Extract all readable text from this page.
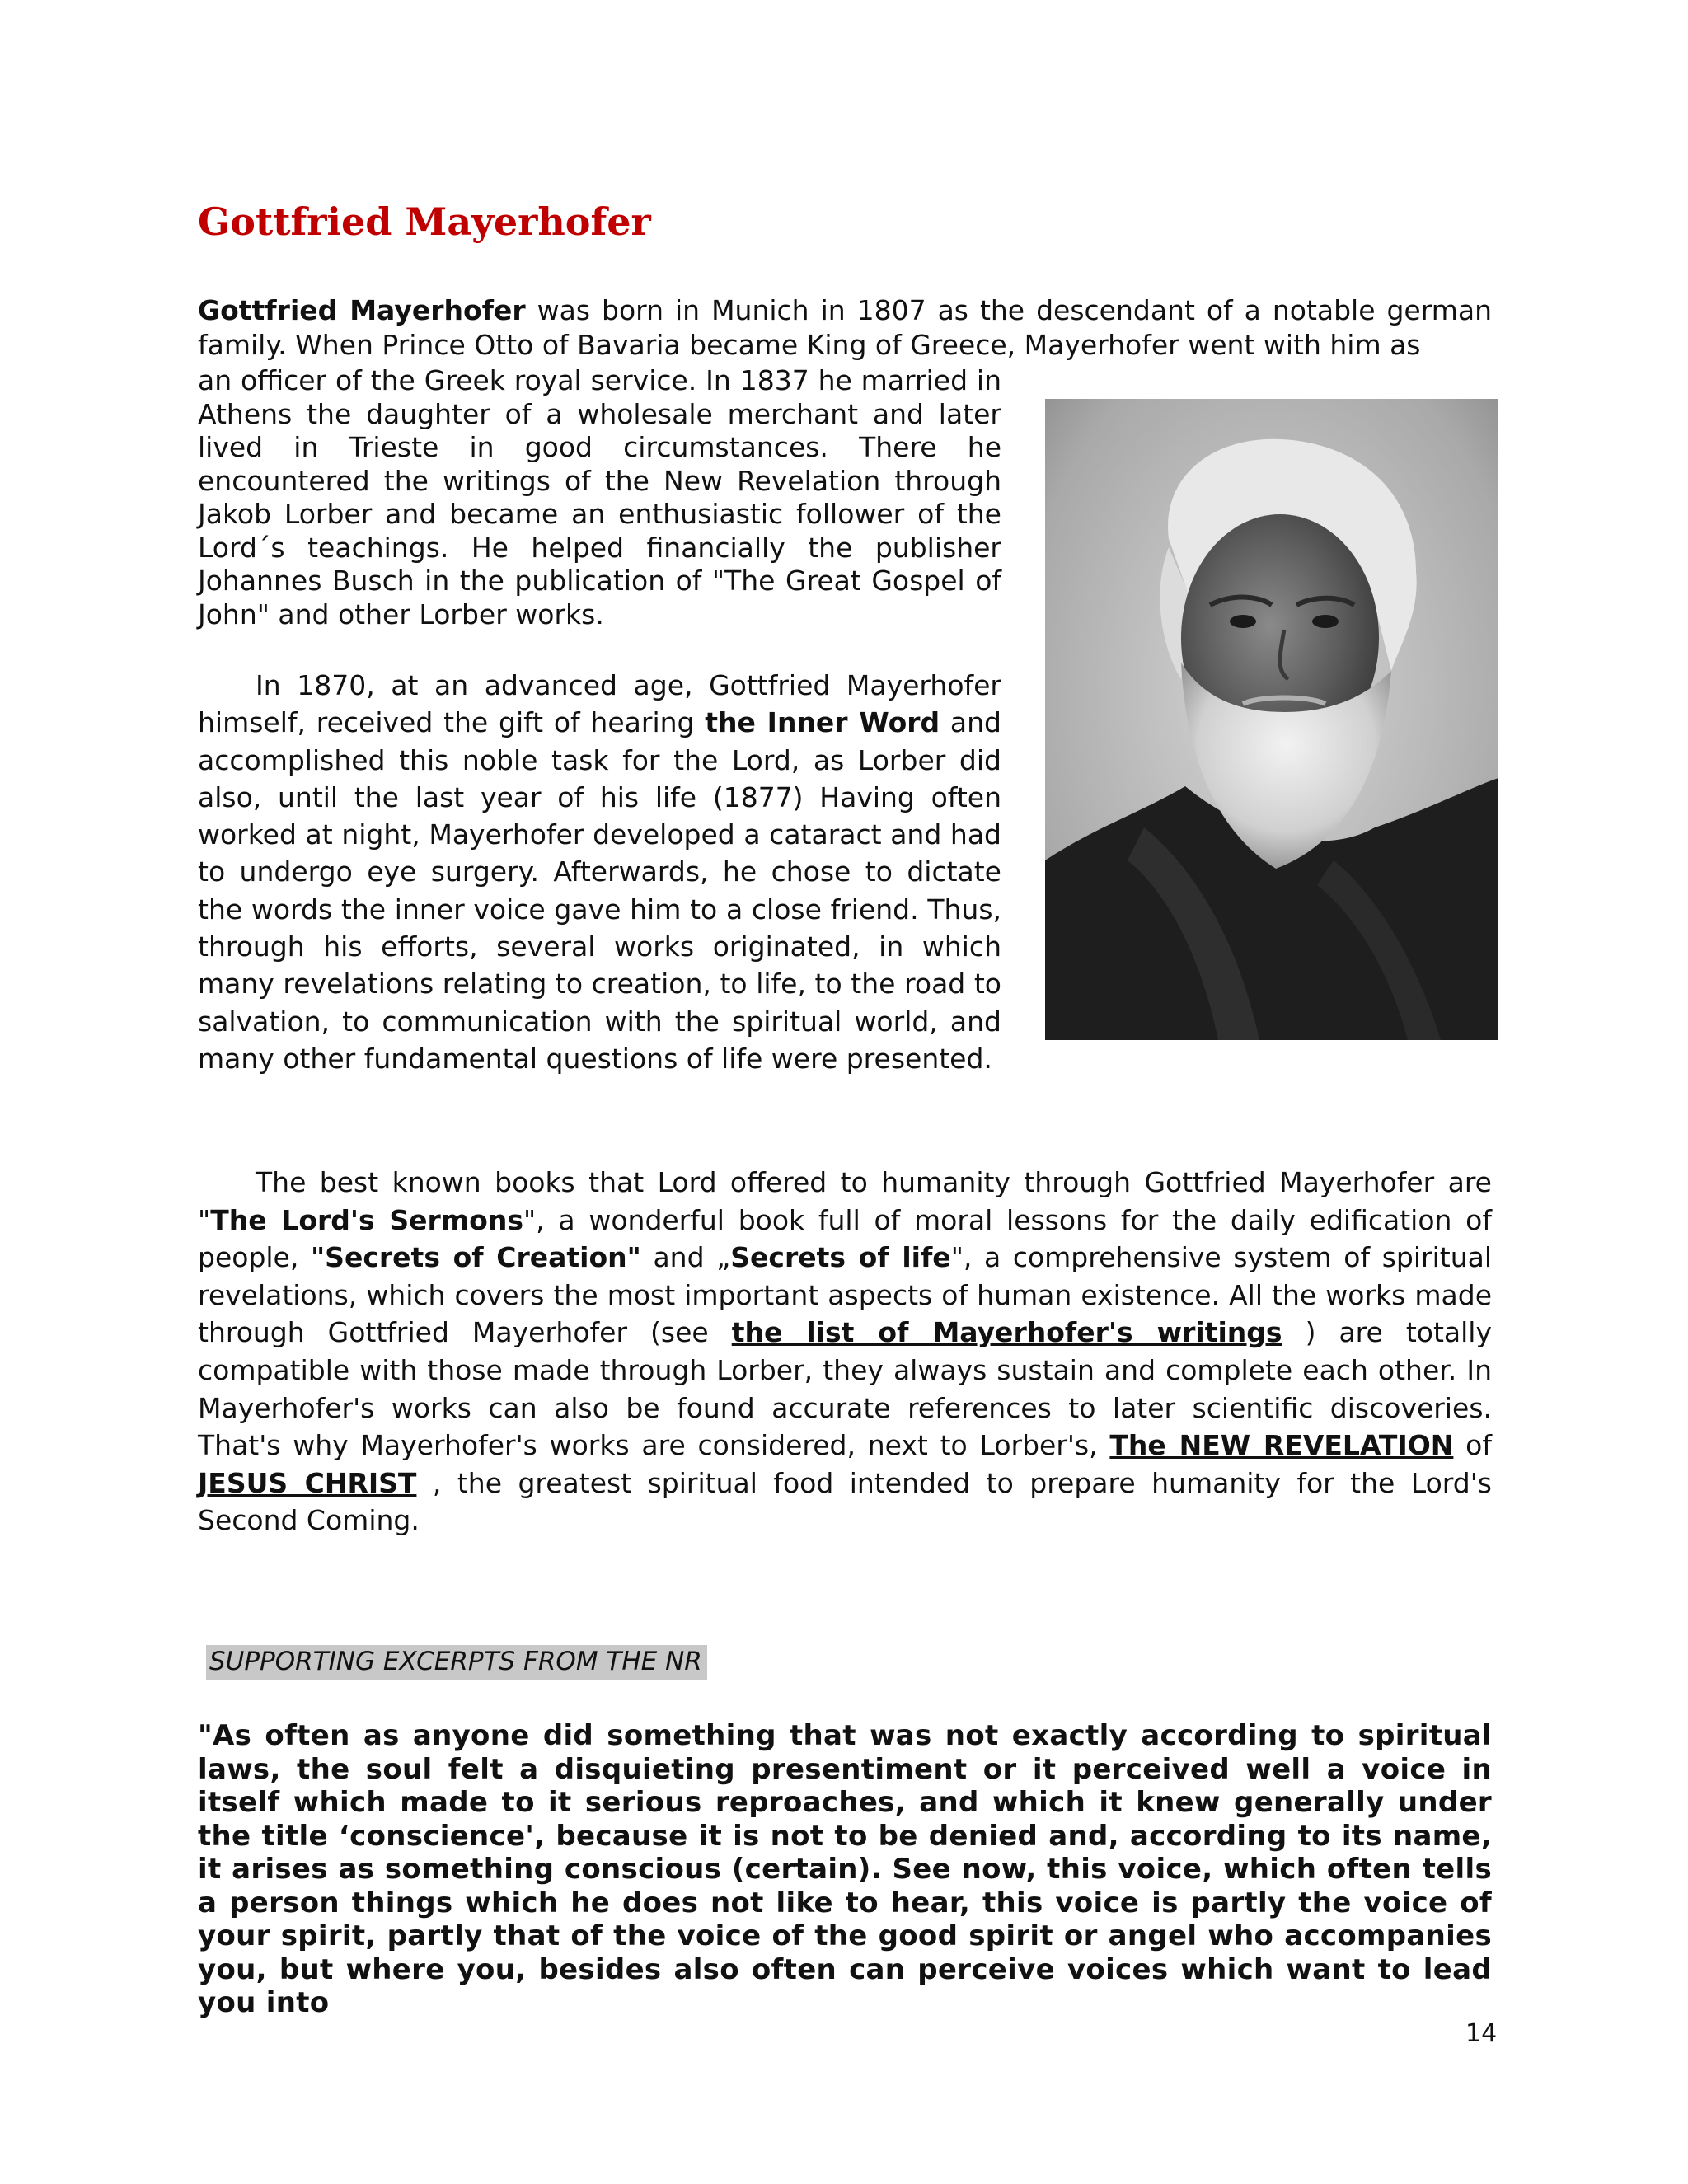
Gottfried Mayerhofer

Gottfried Mayerhofer was born in Munich in 1807 as the descendant of a notable german family. When Prince Otto of Bavaria became King of Greece, Mayerhofer went with him as

an officer of the Greek royal service. In 1837 he married in Athens the daughter of a wholesale merchant and later lived in Trieste in good circumstances. There he encountered the writings of the New Revelation through Jakob Lorber and became an enthusiastic follower of the Lord´s teachings. He helped financially the publisher Johannes Busch in the publication of "The Great Gospel of John" and other Lorber works.

In 1870, at an advanced age, Gottfried Mayerhofer himself, received the gift of hearing the Inner Word and accomplished this noble task for the Lord, as Lorber did also, until the last year of his life (1877) Having often worked at night, Mayerhofer developed a cataract and had to undergo eye surgery. Afterwards, he chose to dictate the words the inner voice gave him to a close friend. Thus, through his efforts, several works originated, in which many revelations relating to creation, to life, to the road to salvation, to communication with the spiritual world, and many other fundamental questions of life were presented.

The best known books that Lord offered to humanity through Gottfried Mayerhofer are "The Lord's Sermons", a wonderful book full of moral lessons for the daily edification of people, "Secrets of Creation" and „Secrets of life", a comprehensive system of spiritual revelations, which covers the most important aspects of human existence. All the works made through Gottfried Mayerhofer (see the list of Mayerhofer's writings ) are totally compatible with those made through Lorber, they always sustain and complete each other. In Mayerhofer's works can also be found accurate references to later scientific discoveries. That's why Mayerhofer's works are considered, next to Lorber's, The NEW REVELATION of JESUS CHRIST , the greatest spiritual food intended to prepare humanity for the Lord's Second Coming.

SUPPORTING EXCERPTS FROM THE NR

"As often as anyone did something that was not exactly according to spiritual laws, the soul felt a disquieting presentiment or it perceived well a voice in itself which made to it serious reproaches, and which it knew generally under the title ‘conscience', because it is not to be denied and, according to its name, it arises as something conscious (certain). See now, this voice, which often tells a person things which he does not like to hear, this voice is partly the voice of your spirit, partly that of the voice of the good spirit or angel who accompanies you, but where you, besides also often can perceive voices which want to lead you into

14
